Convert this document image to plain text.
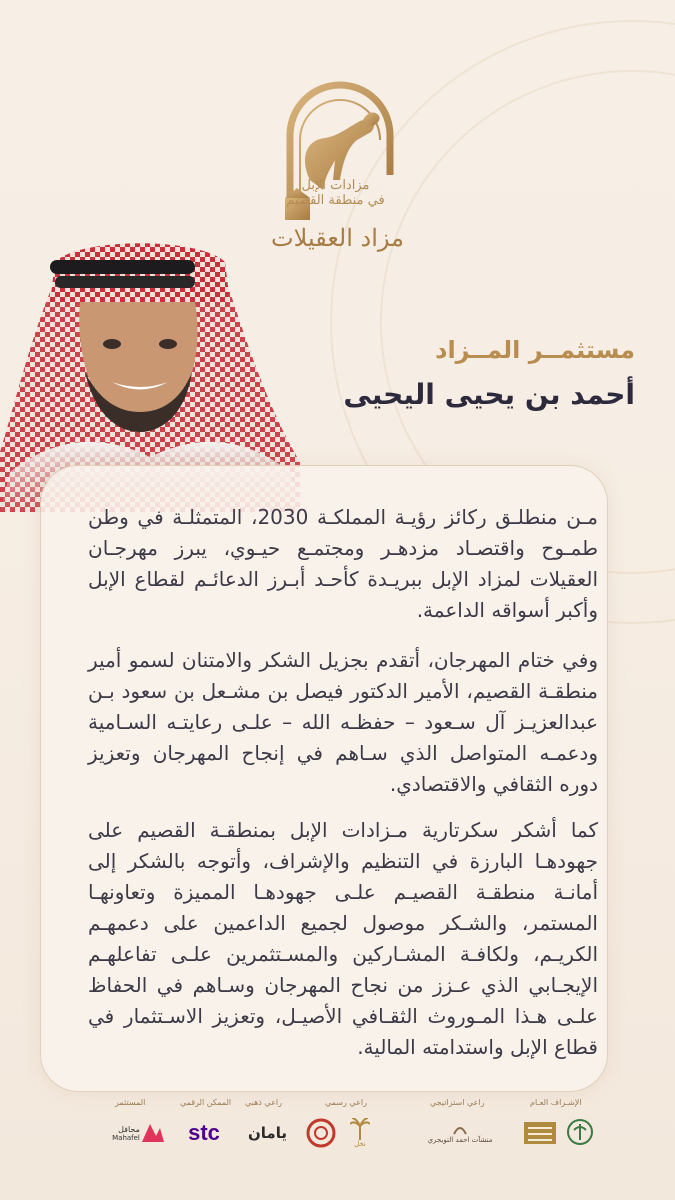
مزادات الإبل
في منطقة القصيم
مزاد العقيلات
مستثمــر المــزاد
أحمد بن يحيى اليحيى
مـن منطلـق ركائز رؤيـة المملكـة 2030، المتمثلـة في وطن طمـوح واقتصـاد مزدهـر ومجتمـع حيـوي، يبرز مهرجـان العقيلات لمزاد الإبل ببريـدة كأحـد أبـرز الدعائـم لقطاع الإبل وأكبر أسواقه الداعمة.
وفي ختام المهرجان، أتقدم بجزيل الشكر والامتنان لسمو أمير منطقـة القصيم، الأمير الدكتور فيصل بن مشـعل بن سعود بـن عبدالعزيـز آل سـعود – حفظـه الله – علـى رعايتـه السـامية ودعمـه المتواصل الذي سـاهم في إنجاح المهرجان وتعزيز دوره الثقافي والاقتصادي.
كما أشكر سكرتارية مـزادات الإبل بمنطقـة القصيم على جهودهـا البارزة في التنظيم والإشراف، وأتوجه بالشكر إلى أمانـة منطقـة القصيـم علـى جهودهـا المميزة وتعاونهـا المستمر، والشـكر موصول لجميع الداعمين على دعمهـم الكريـم، ولكافـة المشـاركين والمسـتثمرين علـى تفاعلهـم الإيجـابي الذي عـزز من نجاح المهرجان وسـاهم في الحفاظ علـى هـذا المـوروث الثقـافي الأصيـل، وتعزيز الاسـتثمار في قطاع الإبل واستدامته المالية.
الإشـراف العـام
راعي استراتيجي
راعي رسمي
راعي ذهبي
الممكن الرقمي
المستثمر
منشآت احمد التويجري
نخل
يامان
stc
محافل
Mahafel
